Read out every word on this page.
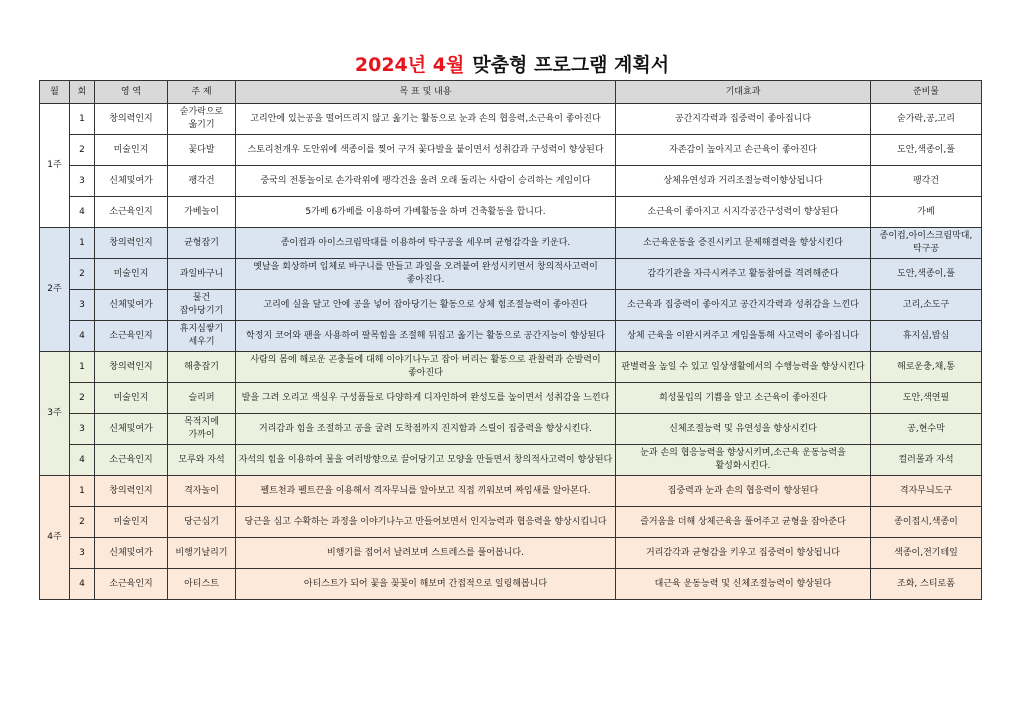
2024년 4월 맞춤형 프로그램 계획서
월	회	영 역	주 제	목 표 및 내용	기대효과	준비물
1주	1	창의력인지	숟가락으로 옮기기	고리안에 있는공을 떨어뜨리지 않고 옮기는 활동으로 눈과 손의 협응력,소근육이 좋아진다	공간지각력과 집중력이 좋아집니다	숟가락,공,고리
	2	미술인지	꽃다발	스토리천개우 도안위에 색종이를 찢어 구겨 꽃다발을 붙이면서 성취감과 구성력이 향상된다	자존감이 높아지고 손근육이 좋아진다	도안,색종이,풀
	3	신체및여가	팽각건	중국의 전통놀이로 손가락위에 팽각건을 올려 오래 돌리는 사람이 승리하는 게임이다	상체유연성과 거리조절능력이향상됩니다	팽각건
	4	소근육인지	가베놀이	5가베 6가베를 이용하여 가베활동을 하며 건축활동을 합니다.	소근육이 좋아지고 시지각공간구성력이 향상된다	가베
2주	1	창의력인지	균형잡기	종이컵과 아이스크림막대를 이용하여 탁구공을 세우며 균형감각을 키운다.	소근육운동을 증진시키고 문제해결력을 향상시킨다	종이컵,아이스크림막대, 탁구공
	2	미술인지	과일바구니	옛날을 회상하며 입체로 바구니를 만들고 과일을 오려붙여 완성시키면서 창의적사고력이 좋아진다.	감각기관을 자극시켜주고 활동참여를 격려해준다	도안,색종이,풀
	3	신체및여가	물건 잡아당기기	고리에 실을 달고 안에 공을 넣어 잡아당기는 활동으로 상체 힘조절능력이 좋아진다	소근육과 집중력이 좋아지고 공간지각력과 성취감을 느낀다	고리,소도구
	4	소근육인지	휴지심쌓기 세우기	학정지 코어와 팬을 사용하여 팔목힘을 조절해 뒤집고 옮기는 활동으로 공간지능이 향상된다	상체 근육을 이완시켜주고 게임을통해 사고력이 좋아집니다	휴지심,밥심
3주	1	창의력인지	해충잡기	사람의 몸에 해로운 곤충들에 대해 이야기나누고 잡아 버리는 활동으로 관찰력과 순발력이 좋아진다	판별력을 높일 수 있고 일상생활에서의 수행능력을 향상시킨다	해로운충,채,통
	2	미술인지	슬리퍼	발을 그려 오리고 색실우 구성품들로 다양하게 디자인하여 완성도를 높이면서 성취감을 느낀다	희성물입의 기쁨을 알고 소근육이 좋아진다	도안,색연필
	3	신체및여가	목적지에 가까이	거리감과 힘을 조절하고 공을 굴려 도착점까지 진지함과 스릴이 집중력을 향상시킨다.	신체조절능력 및 유연성을 향상시킨다	공,현수막
	4	소근육인지	모루와 자석	자석의 힘을 이용하여 물을 여러방향으로 끌어당기고 모양을 만들면서 창의적사고력이 향상된다	눈과 손의 협응능력을 향상시키며,소근육 운동능력을 활성화시킨다.	컬러몰과 자석
4주	1	창의력인지	격자놀이	펠트천과 펠트끈을 이용해서 격자무늬를 알아보고 직접 끼워보며 짜임새를 알아본다.	집중력과 눈과 손의 협응력이 향상된다	격자무늬도구
	2	미술인지	당근심기	당근을 심고 수확하는 과정을 이야기나누고 만들어보면서 인지능력과 협응력을 향상시킵니다	즐거움을 더해 상체근육을 풀어주고 균형을 잡아준다	종이접시,색종이
	3	신체및여가	비행기날리기	비행기를 접어서 날려보며 스트레스를 풀어봅니다.	거리감각과 균형감을 키우고 집중력이 향상됩니다	색종이,전기테잎
	4	소근육인지	아티스트	아티스트가 되어 꽃을 꽂꽂이 해보며 간접적으로 일링해봅니다	대근육 운동능력 및 신체조절능력이 향상된다	조화, 스티로폼
